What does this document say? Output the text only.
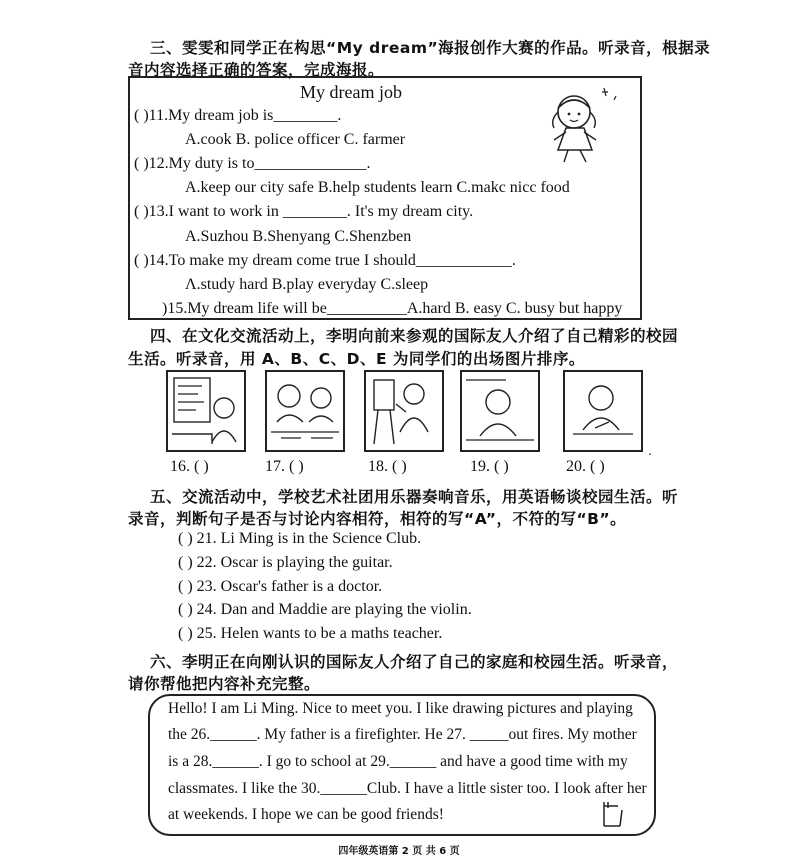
三、雯雯和同学正在构思“My dream”海报创作大赛的作品。听录音，根据录
音内容选择正确的答案，完成海报。
My dream job
( )11.My dream job is________.
A.cook B. police officer C. farmer
( )12.My duty is to______________.
A.keep our city safe B.help students learn C.makc nicc food
( )13.I want to work in ________. It's my dream city.
A.Suzhou B.Shenyang C.Shenzben
( )14.To make my dream come true I should____________.
Λ.study hard B.play everyday C.sleep
)15.My dream life will be__________A.hard B. easy C. busy but happy
四、在文化交流活动上，李明向前来参观的国际友人介绍了自己精彩的校园
生活。听录音，用 A、B、C、D、E 为同学们的出场图片排序。
.
16. ( )	17. ( )	18. ( )	19. ( )	20. ( )
五、交流活动中，学校艺术社团用乐器奏响音乐，用英语畅谈校园生活。听
录音，判断句子是否与讨论内容相符，相符的写“A”，不符的写“B”。
( ) 21. Li Ming is in the Science Club.
( ) 22. Oscar is playing the guitar.
( ) 23. Oscar's father is a doctor.
( ) 24. Dan and Maddie are playing the violin.
( ) 25. Helen wants to be a maths teacher.
六、李明正在向刚认识的国际友人介绍了自己的家庭和校园生活。听录音，
请你帮他把内容补充完整。
Hello! I am Li Ming. Nice to meet you. I like drawing pictures and playing
the 26.______. My father is a firefighter. He 27. _____out fires. My mother
is a 28.______. I go to school at 29.______ and have a good time with my
classmates. I like the 30.______Club. I have a little sister too. I look after her
at weekends. I hope we can be good friends!
四年级英语第 2 页 共 6 页
